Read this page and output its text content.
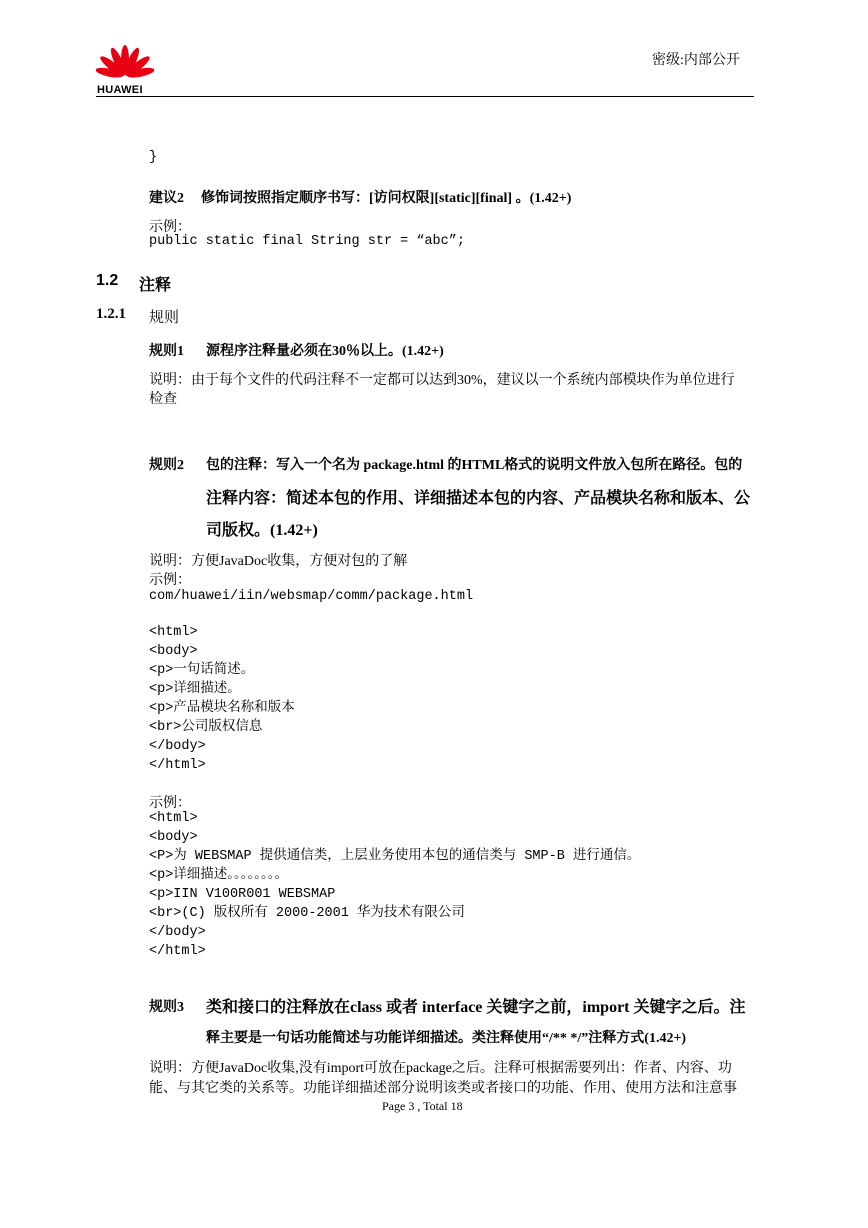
HUAWEI
密级:内部公开
}
建议2 修饰词按照指定顺序书写：[访问权限][static][final] 。(1.42+)
示例：
public static final String str = “abc”;
1.2 注释
1.2.1 规则
规则1 源程序注释量必须在30％以上。(1.42+)
说明：由于每个文件的代码注释不一定都可以达到30%，建议以一个系统内部模块作为单位进行
检查
规则2 包的注释：写入一个名为 package.html 的HTML格式的说明文件放入包所在路径。包的
注释内容：简述本包的作用、详细描述本包的内容、产品模块名称和版本、公
司版权。(1.42+)
说明：方便JavaDoc收集，方便对包的了解
示例：
com/huawei/iin/websmap/comm/package.html
<html>
<body>
<p>一句话简述。
<p>详细描述。
<p>产品模块名称和版本
<br>公司版权信息
</body>
</html>
示例：
<html>
<body>
<P>为 WEBSMAP 提供通信类，上层业务使用本包的通信类与 SMP-B 进行通信。
<p>详细描述。。。。。。。。
<p>IIN V100R001 WEBSMAP
<br>(C) 版权所有 2000-2001 华为技术有限公司
</body>
</html>
规则3 类和接口的注释放在class 或者 interface 关键字之前，import 关键字之后。注
释主要是一句话功能简述与功能详细描述。类注释使用“/** */”注释方式(1.42+)
说明：方便JavaDoc收集,没有import可放在package之后。注释可根据需要列出：作者、内容、功
能、与其它类的关系等。功能详细描述部分说明该类或者接口的功能、作用、使用方法和注意事
Page 3 , Total 18
